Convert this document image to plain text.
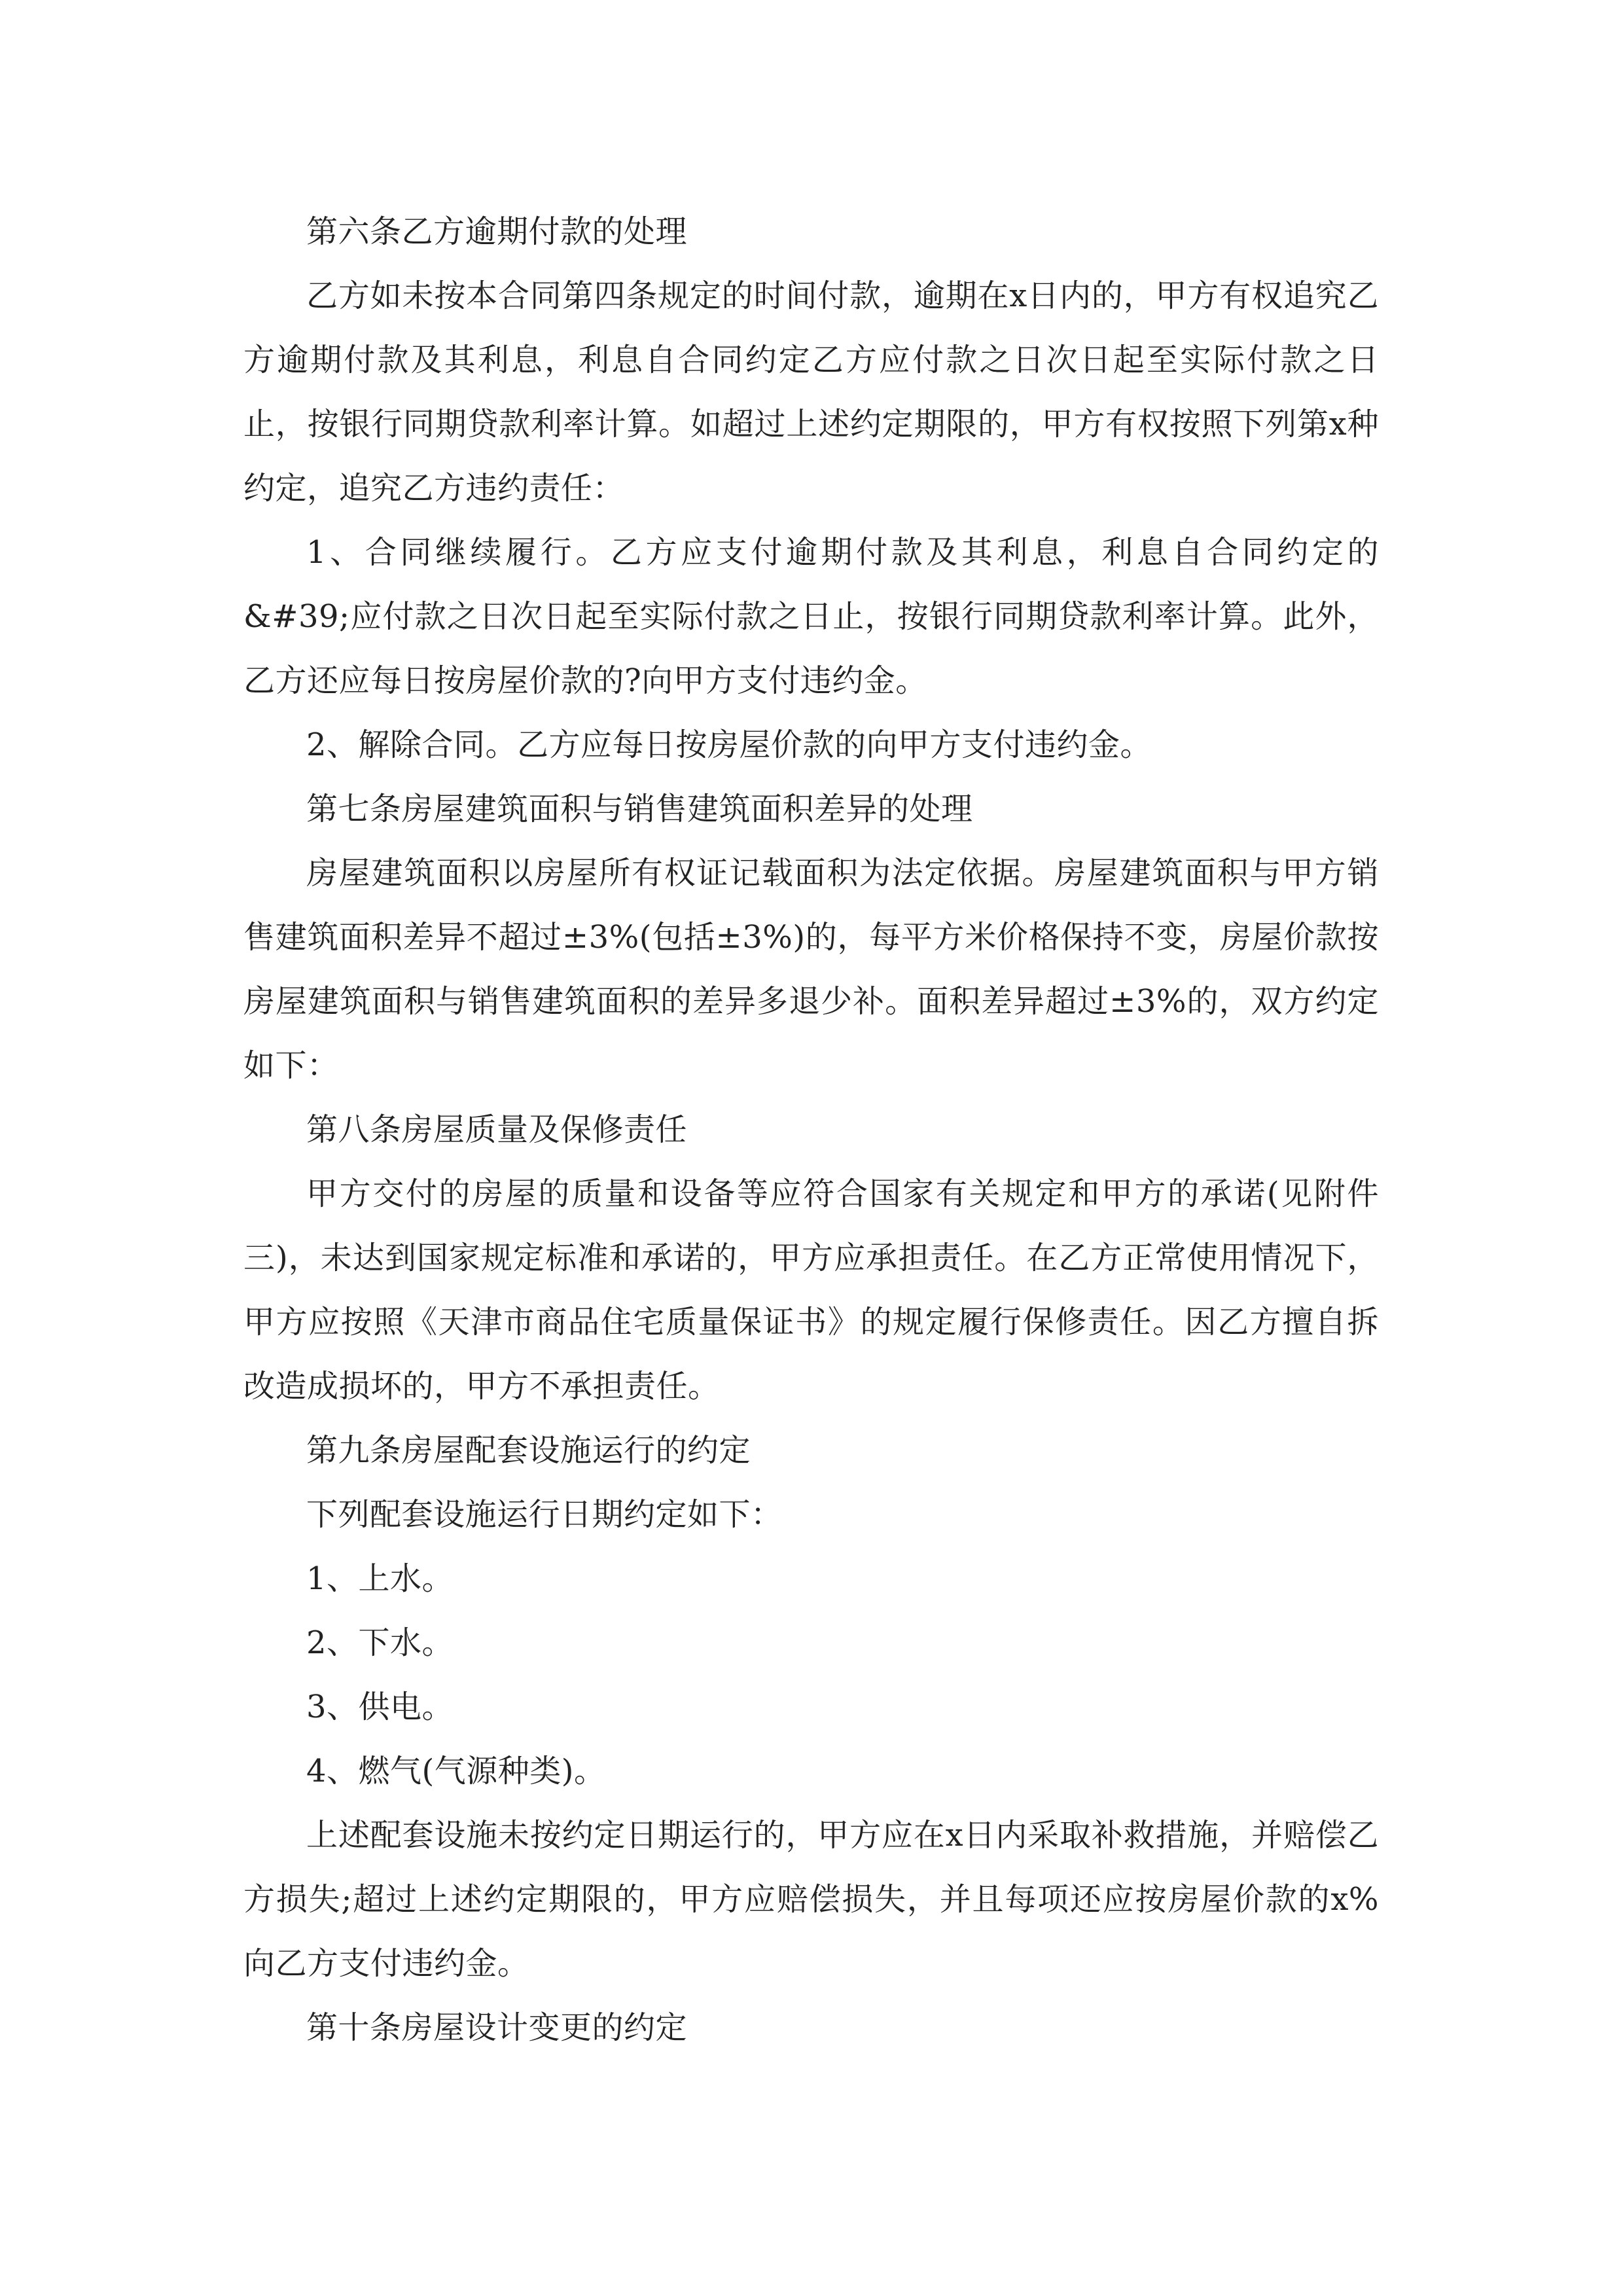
第六条乙方逾期付款的处理

乙方如未按本合同第四条规定的时间付款，逾期在x日内的，甲方有权追究乙方逾期付款及其利息，利息自合同约定乙方应付款之日次日起至实际付款之日止，按银行同期贷款利率计算。如超过上述约定期限的，甲方有权按照下列第x种约定，追究乙方违约责任：

1、合同继续履行。乙方应支付逾期付款及其利息，利息自合同约定的&#39;应付款之日次日起至实际付款之日止，按银行同期贷款利率计算。此外，乙方还应每日按房屋价款的?向甲方支付违约金。

2、解除合同。乙方应每日按房屋价款的向甲方支付违约金。

第七条房屋建筑面积与销售建筑面积差异的处理

房屋建筑面积以房屋所有权证记载面积为法定依据。房屋建筑面积与甲方销售建筑面积差异不超过±3%(包括±3%)的，每平方米价格保持不变，房屋价款按房屋建筑面积与销售建筑面积的差异多退少补。面积差异超过±3%的，双方约定如下：

第八条房屋质量及保修责任

甲方交付的房屋的质量和设备等应符合国家有关规定和甲方的承诺(见附件三)，未达到国家规定标准和承诺的，甲方应承担责任。在乙方正常使用情况下，甲方应按照《天津市商品住宅质量保证书》的规定履行保修责任。因乙方擅自拆改造成损坏的，甲方不承担责任。

第九条房屋配套设施运行的约定

下列配套设施运行日期约定如下：

1、上水。

2、下水。

3、供电。

4、燃气(气源种类)。

上述配套设施未按约定日期运行的，甲方应在x日内采取补救措施，并赔偿乙方损失;超过上述约定期限的，甲方应赔偿损失，并且每项还应按房屋价款的x%向乙方支付违约金。

第十条房屋设计变更的约定
